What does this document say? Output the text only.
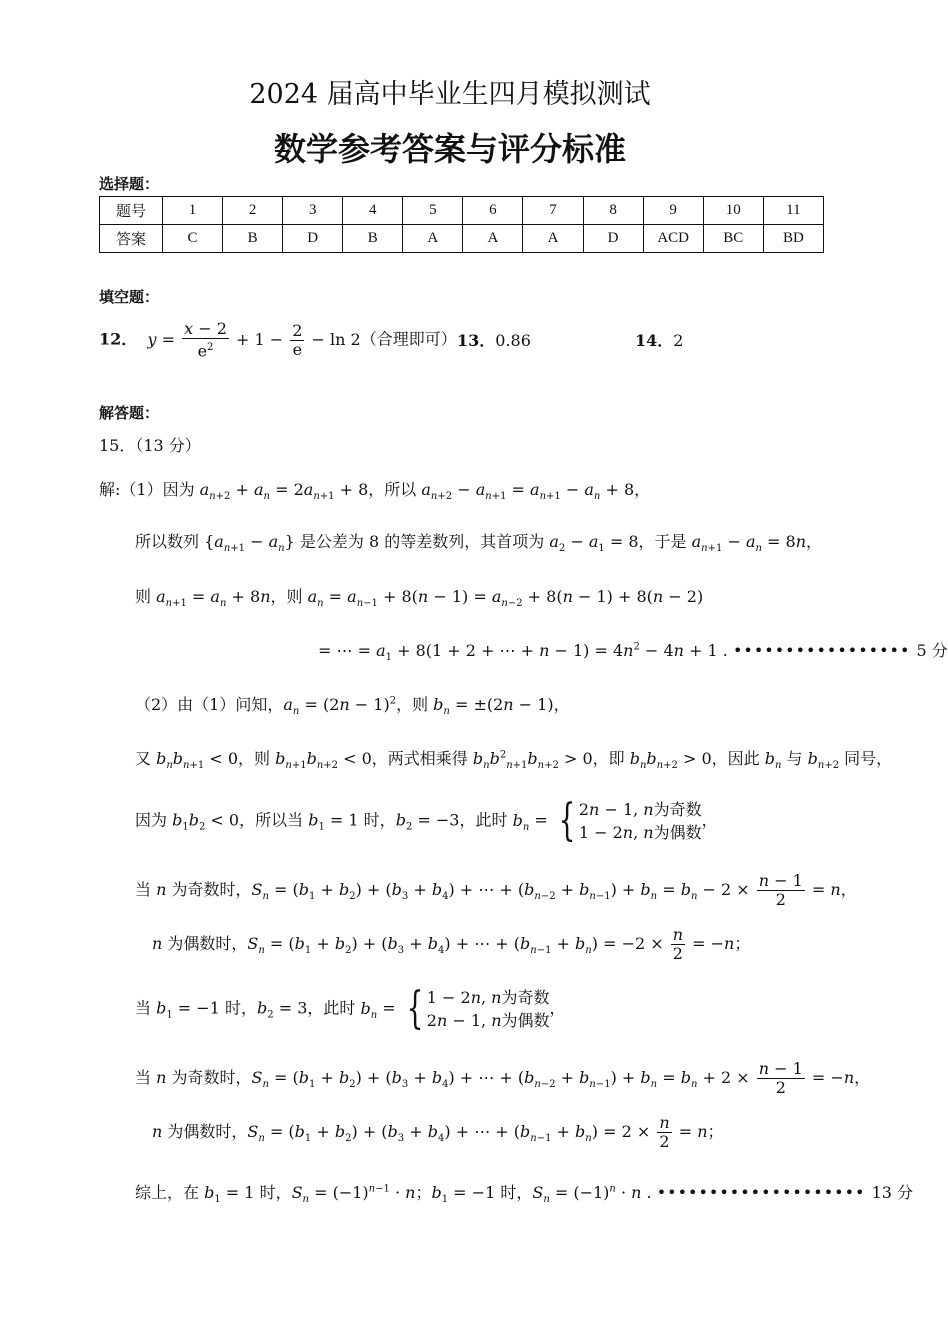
2024 届高中毕业生四月模拟测试
数学参考答案与评分标准
选择题：
题号	1	2	3	4	5	6	7	8	9	10	11
答案	C	B	D	B	A	A	A	D	ACD	BC	BD
填空题：
12． $y = \frac{x - 2}{e^2} + 1 - \frac{2}{e} - \ln 2$（合理即可） 13．0.86	14．2
解答题：
15．（13 分）
解:（1）因为 $a_{n+2} + a_n = 2a_{n+1} + 8$，所以 $a_{n+2} - a_{n+1} = a_{n+1} - a_n + 8$，
所以数列 $\{a_{n+1} - a_n\}$ 是公差为 8 的等差数列，其首项为 $a_2 - a_1 = 8$，于是 $a_{n+1} - a_n = 8n$，
则 $a_{n+1} = a_n + 8n$，则 $a_n = a_{n-1} + 8(n - 1) = a_{n-2} + 8(n - 1) + 8(n - 2)$
= ⋯ = $a_1 + 8(1 + 2$ + ⋯ + $n - 1) = 4n^2 - 4n + 1$ . ••••••••••••••••• 5 分
（2）由（1）问知，$a_n = (2n - 1)^2$，则 $b_n = \pm(2n - 1)$，
又 $b_nb_{n+1} < 0$，则 $b_{n+1}b_{n+2} < 0$，两式相乘得 $b_nb^2_{n+1}b_{n+2} > 0$，即 $b_nb_{n+2} > 0$，因此 $b_n$ 与 $b_{n+2}$ 同号，
因为 $b_1b_2 < 0$，所以当 $b_1 = 1$ 时，$b_2 = -3$，此时 $b_n$ = { 2n − 1, n为奇数
1 − 2n, n为偶数，
当 n 为奇数时，$S_n = (b_1 + b_2) + (b_3 + b_4)$ + ⋯ + $(b_{n-2} + b_{n-1}) + b_n = b_n - 2 \times \frac{n - 1}{2} = n$，
n 为偶数时，$S_n = (b_1 + b_2) + (b_3 + b_4)$ + ⋯ + $(b_{n-1} + b_n) = -2 \times \frac{n}{2} = -n$；
当 $b_1 = -1$ 时，$b_2 = 3$，此时 $b_n$ = { 1 − 2n, n为奇数
2n − 1, n为偶数，
当 n 为奇数时，$S_n = (b_1 + b_2) + (b_3 + b_4)$ + ⋯ + $(b_{n-2} + b_{n-1}) + b_n = b_n + 2 \times \frac{n - 1}{2} = -n$，
n 为偶数时，$S_n = (b_1 + b_2) + (b_3 + b_4)$ + ⋯ + $(b_{n-1} + b_n) = 2 \times \frac{n}{2} = n$；
综上，在 $b_1 = 1$ 时，$S_n = (-1)^{n-1} \cdot n$；$b_1 = -1$ 时，$S_n = (-1)^n \cdot n$ . •••••••••••••••••••• 13 分
